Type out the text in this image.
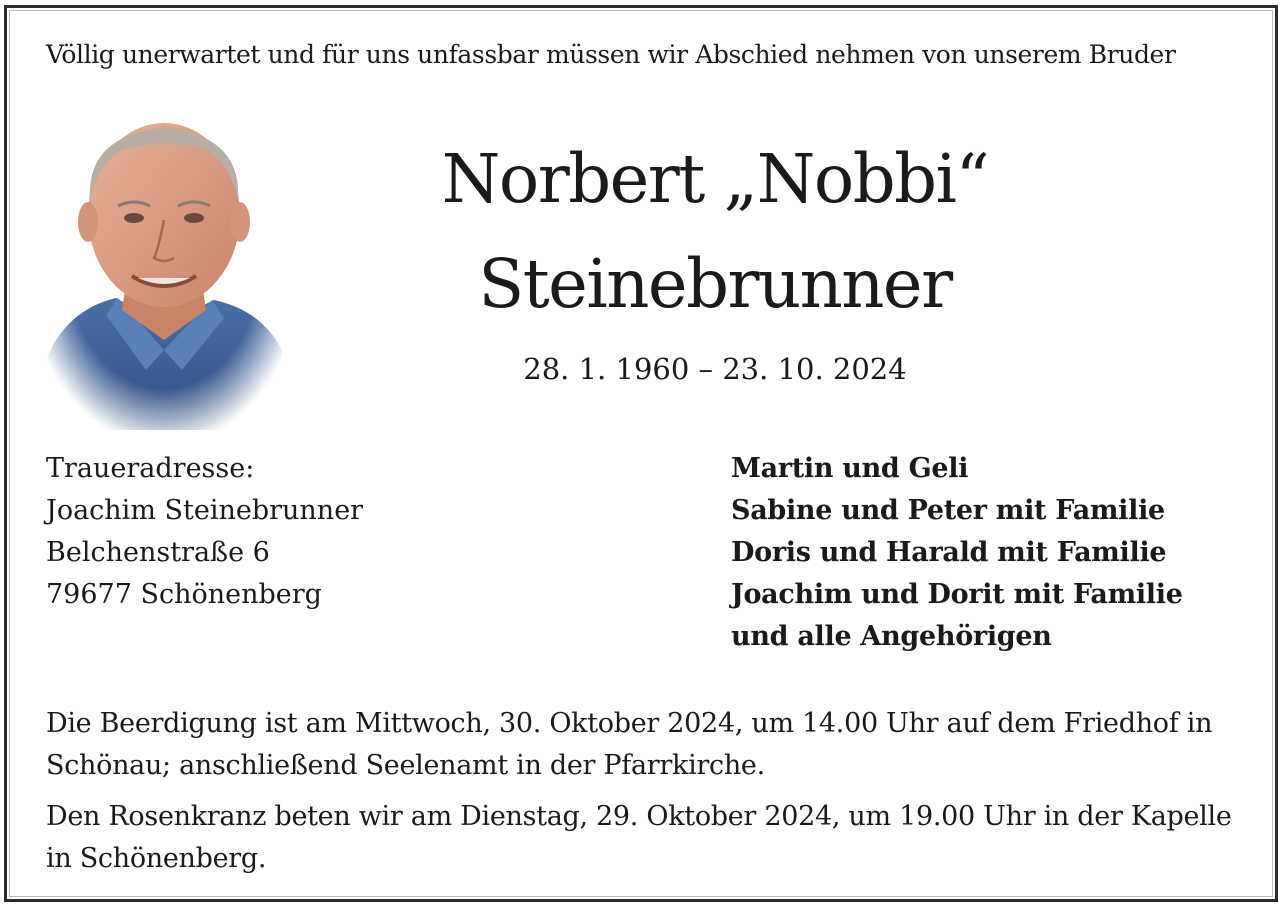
Völlig unerwartet und für uns unfassbar müssen wir Abschied nehmen von unserem Bruder
Norbert „Nobbi“
Steinebrunner
28. 1. 1960 – 23. 10. 2024
Traueradresse:
Joachim Steinebrunner
Belchenstraße 6
79677 Schönenberg
Martin und Geli
Sabine und Peter mit Familie
Doris und Harald mit Familie
Joachim und Dorit mit Familie
und alle Angehörigen
Die Beerdigung ist am Mittwoch, 30. Oktober 2024, um 14.00 Uhr auf dem Friedhof in
Schönau; anschließend Seelenamt in der Pfarrkirche.
Den Rosenkranz beten wir am Dienstag, 29. Oktober 2024, um 19.00 Uhr in der Kapelle
in Schönenberg.
